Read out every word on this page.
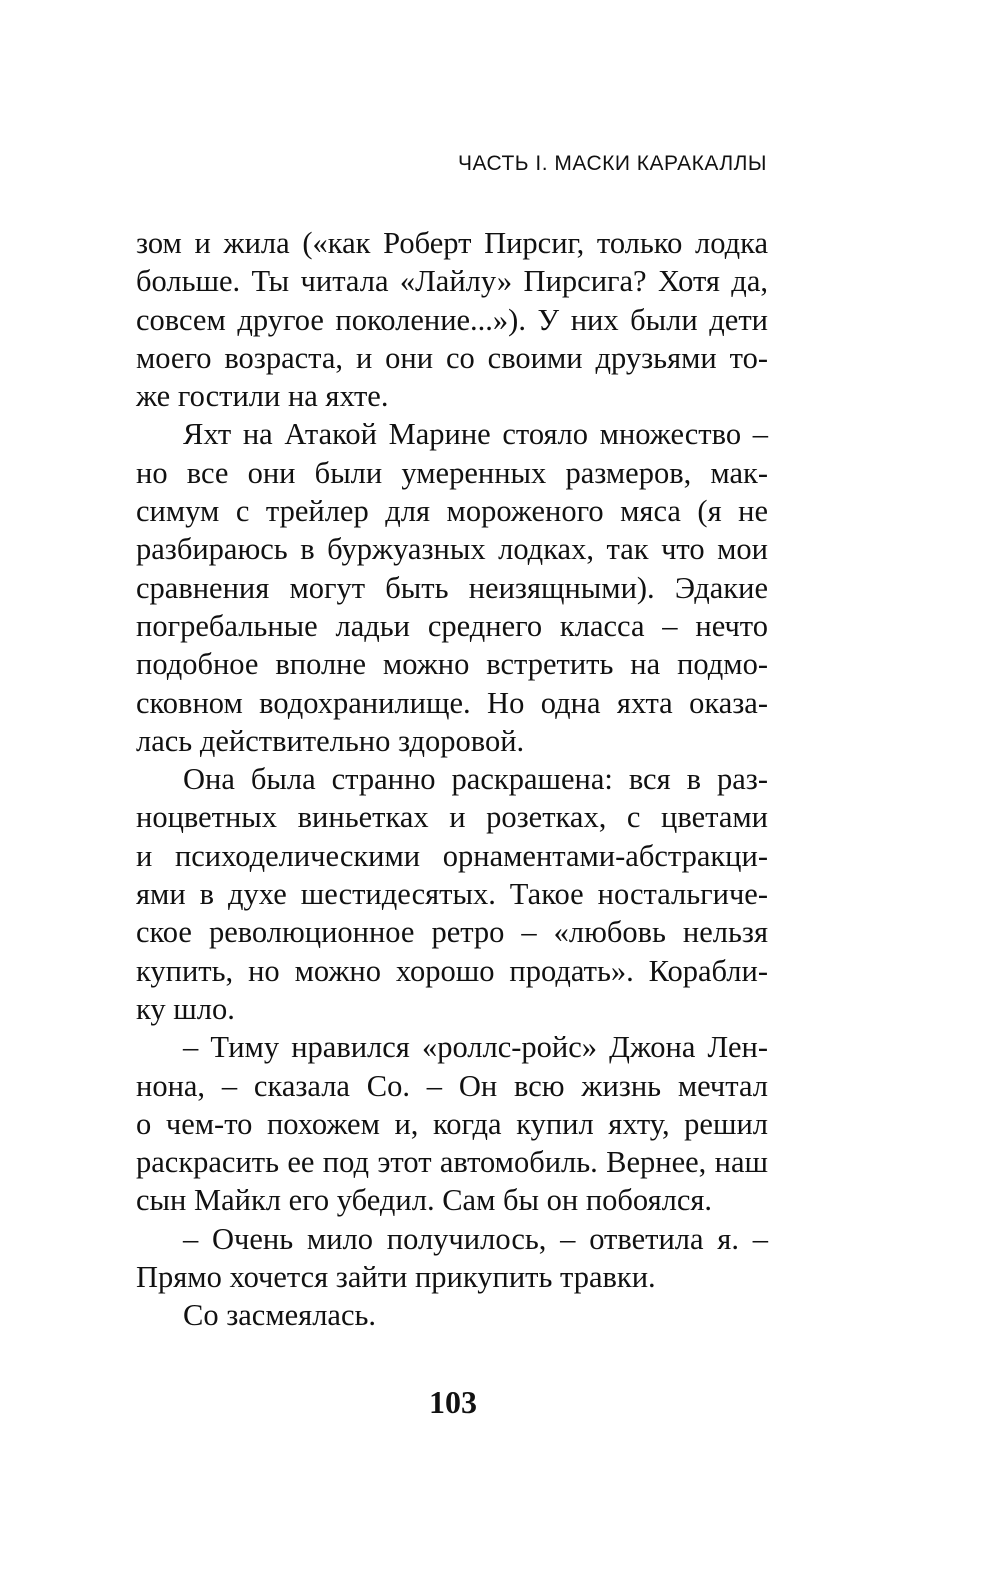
ЧАСТЬ I. МАСКИ КАРАКАЛЛЫ
зом и жила («как Роберт Пирсиг, только лодка
больше. Ты читала «Лайлу» Пирсига? Хотя да,
совсем другое поколение...»). У них были дети
моего возраста, и они со своими друзьями то-
же гостили на яхте.
Яхт на Атакой Марине стояло множество –
но все они были умеренных размеров, мак-
симум с трейлер для мороженого мяса (я не
разбираюсь в буржуазных лодках, так что мои
сравнения могут быть неизящными). Эдакие
погребальные ладьи среднего класса – нечто
подобное вполне можно встретить на подмо-
сковном водохранилище. Но одна яхта оказа-
лась действительно здоровой.
Она была странно раскрашена: вся в раз-
ноцветных виньетках и розетках, с цветами
и психоделическими орнаментами-абстракци-
ями в духе шестидесятых. Такое ностальгиче-
ское революционное ретро – «любовь нельзя
купить, но можно хорошо продать». Корабли-
ку шло.
– Тиму нравился «роллс-ройс» Джона Лен-
нона, – сказала Со. – Он всю жизнь мечтал
о чем-то похожем и, когда купил яхту, решил
раскрасить ее под этот автомобиль. Вернее, наш
сын Майкл его убедил. Сам бы он побоялся.
– Очень мило получилось, – ответила я. –
Прямо хочется зайти прикупить травки.
Со засмеялась.
103
